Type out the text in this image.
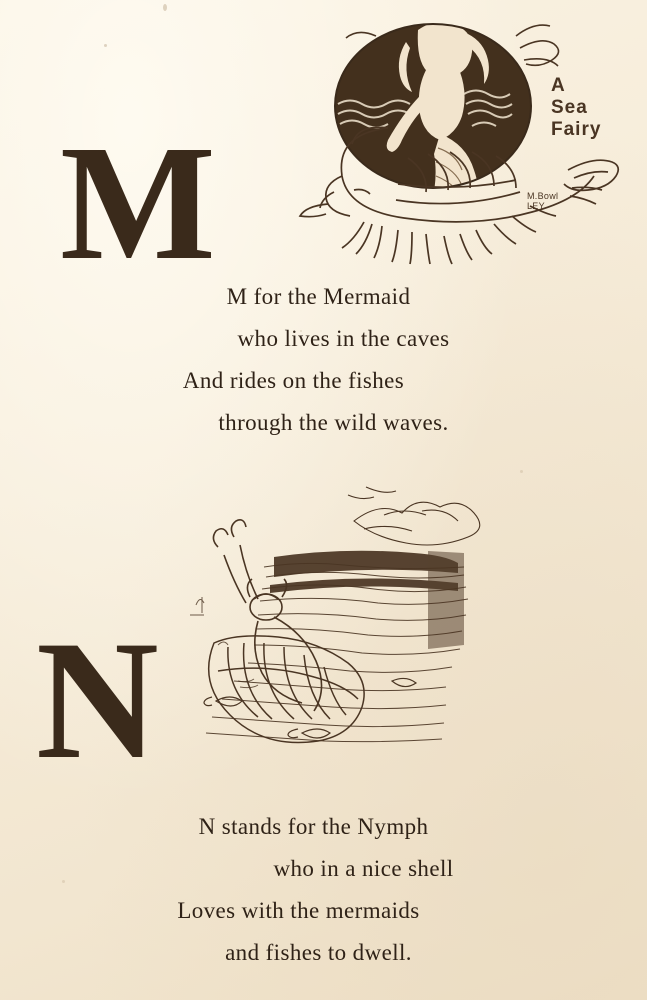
M
A
Sea
Fairy
M.Bowl
LEY
M for the Mermaid
who lives in the caves
And rides on the fishes
through the wild waves.
N
N stands for the Nymph
who in a nice shell
Loves with the mermaids
and fishes to dwell.
